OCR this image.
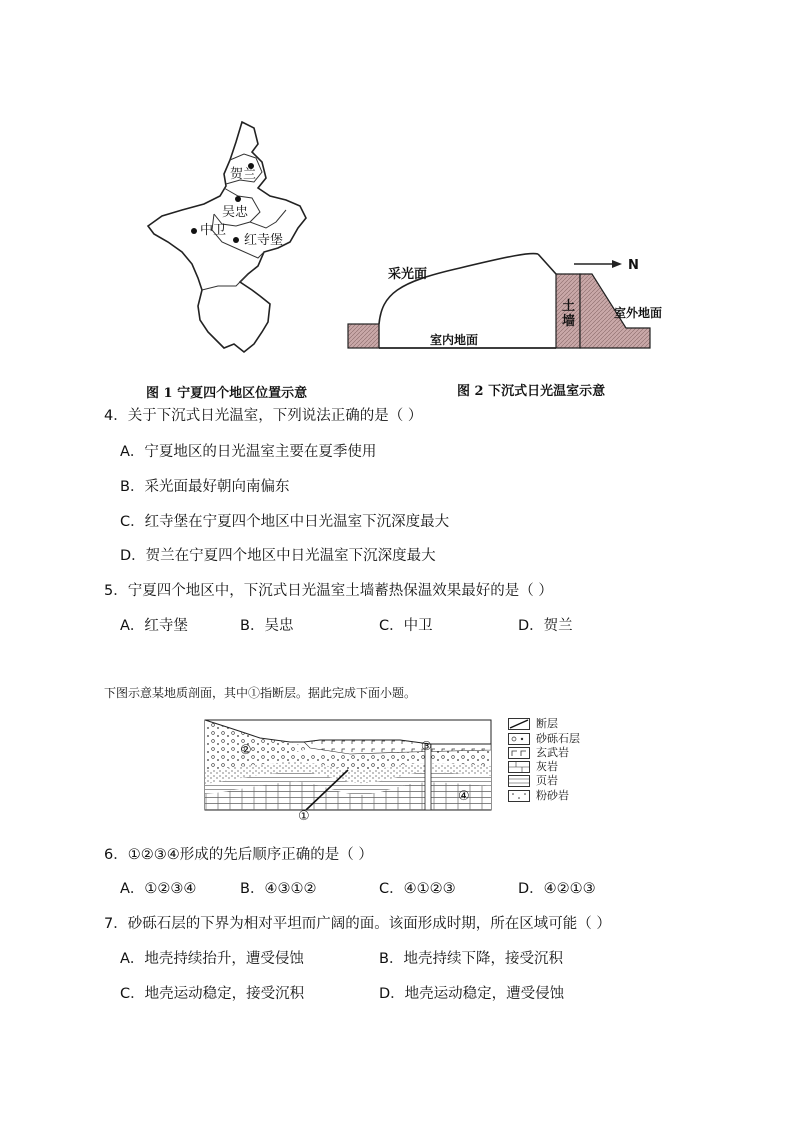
贺兰
吴忠
中卫
红寺堡
N
采光面
土
墙
室外地面
室内地面
图 1 宁夏四个地区位置示意	图 2 下沉式日光温室示意
4．关于下沉式日光温室，下列说法正确的是（ ）
A．宁夏地区的日光温室主要在夏季使用
B．采光面最好朝向南偏东
C．红寺堡在宁夏四个地区中日光温室下沉深度最大
D．贺兰在宁夏四个地区中日光温室下沉深度最大
5．宁夏四个地区中，下沉式日光温室土墙蓄热保温效果最好的是（ ）
A．红寺堡	B．吴忠	C．中卫	D．贺兰
下图示意某地质剖面，其中①指断层。据此完成下面小题。
②	③
④
①
断层
砂砾石层
玄武岩
灰岩
页岩
粉砂岩
6．①②③④形成的先后顺序正确的是（ ）
A．①②③④	B．④③①②	C．④①②③	D．④②①③
7．砂砾石层的下界为相对平坦而广阔的面。该面形成时期，所在区域可能（ ）
A．地壳持续抬升，遭受侵蚀	B．地壳持续下降，接受沉积
C．地壳运动稳定，接受沉积	D．地壳运动稳定，遭受侵蚀
